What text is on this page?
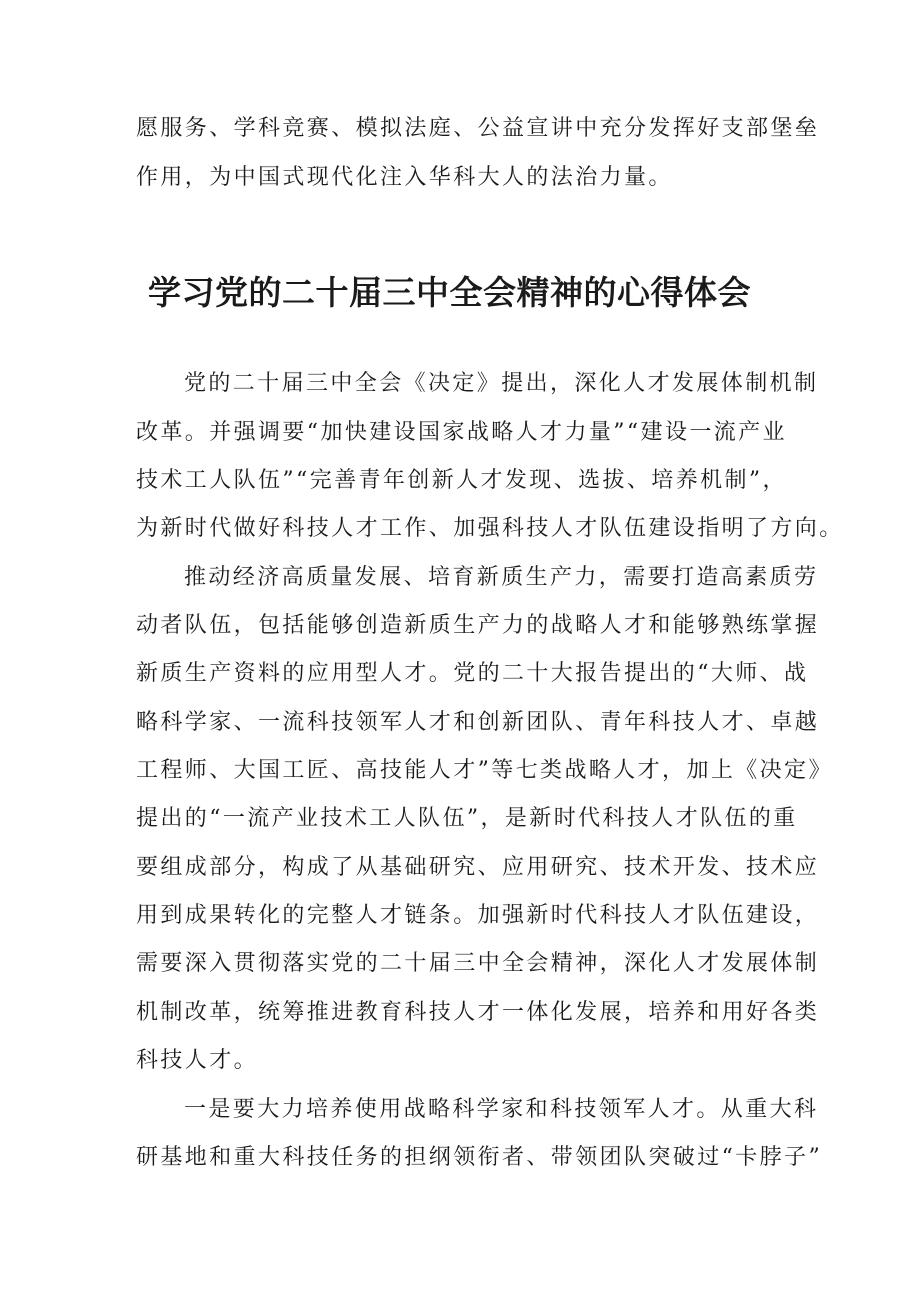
愿服务、学科竞赛、模拟法庭、公益宣讲中充分发挥好支部堡垒
作用，为中国式现代化注入华科大人的法治力量。
学习党的二十届三中全会精神的心得体会
党的二十届三中全会《决定》提出，深化人才发展体制机制
改革。并强调要“加快建设国家战略人才力量”“建设一流产业
技术工人队伍”“完善青年创新人才发现、选拔、培养机制”，
为新时代做好科技人才工作、加强科技人才队伍建设指明了方向。
推动经济高质量发展、培育新质生产力，需要打造高素质劳
动者队伍，包括能够创造新质生产力的战略人才和能够熟练掌握
新质生产资料的应用型人才。党的二十大报告提出的“大师、战
略科学家、一流科技领军人才和创新团队、青年科技人才、卓越
工程师、大国工匠、高技能人才”等七类战略人才，加上《决定》
提出的“一流产业技术工人队伍”，是新时代科技人才队伍的重
要组成部分，构成了从基础研究、应用研究、技术开发、技术应
用到成果转化的完整人才链条。加强新时代科技人才队伍建设，
需要深入贯彻落实党的二十届三中全会精神，深化人才发展体制
机制改革，统筹推进教育科技人才一体化发展，培养和用好各类
科技人才。
一是要大力培养使用战略科学家和科技领军人才。从重大科
研基地和重大科技任务的担纲领衔者、带领团队突破过“卡脖子”
